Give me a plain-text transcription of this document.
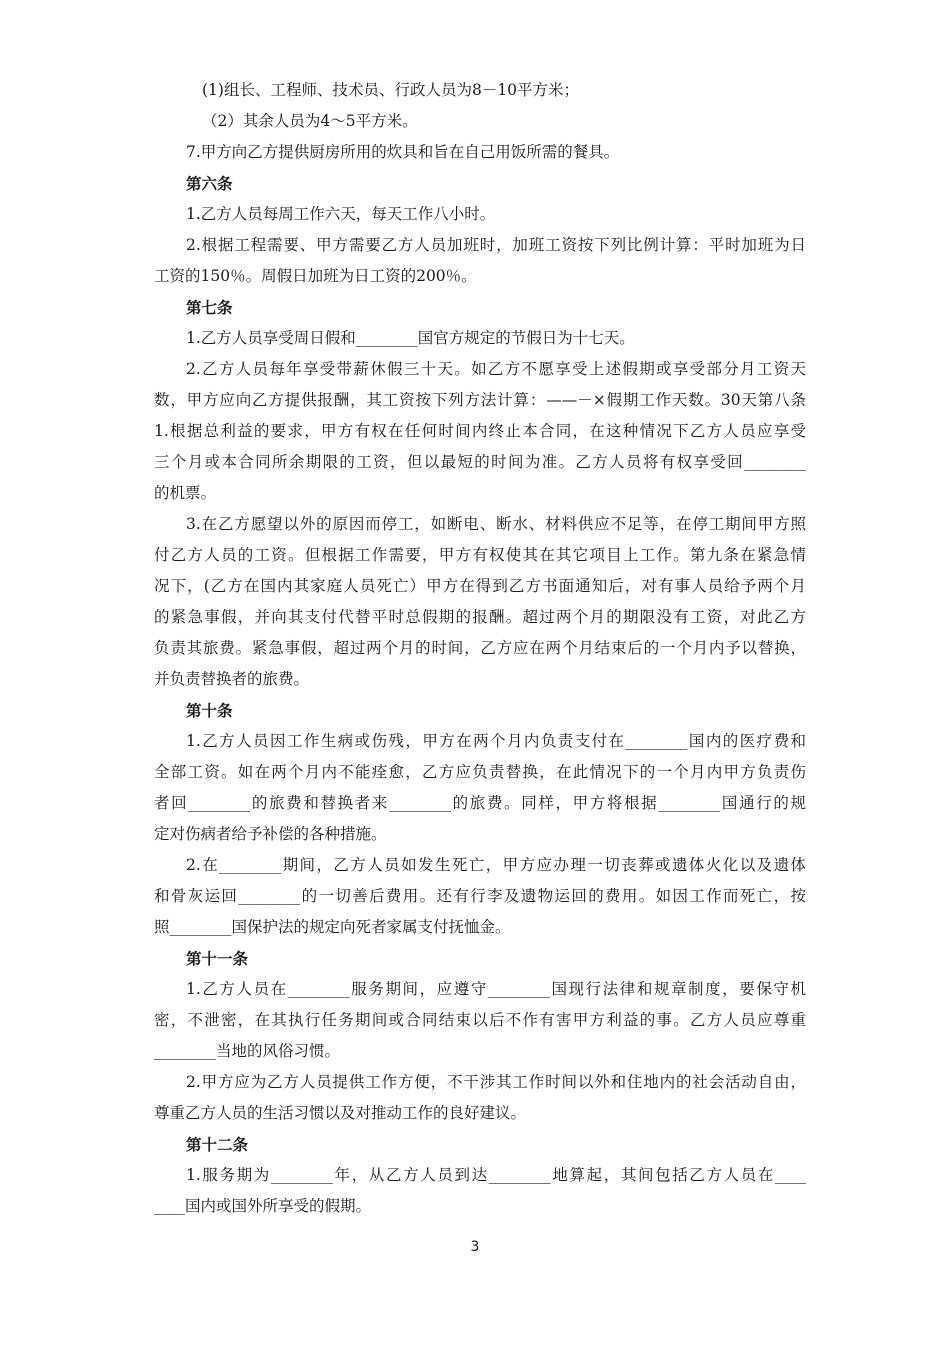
(1)组长、工程师、技术员、行政人员为8－10平方米；
（2）其余人员为4～5平方米。
7.甲方向乙方提供厨房所用的炊具和旨在自己用饭所需的餐具。
第六条
1.乙方人员每周工作六天，每天工作八小时。
2.根据工程需要、甲方需要乙方人员加班时，加班工资按下列比例计算：平时加班为日
工资的150％。周假日加班为日工资的200％。
第七条
1.乙方人员享受周日假和________国官方规定的节假日为十七天。
2.乙方人员每年享受带薪休假三十天。如乙方不愿享受上述假期或享受部分月工资天
数，甲方应向乙方提供报酬，其工资按下列方法计算：——－×假期工作天数。30天第八条
1.根据总利益的要求，甲方有权在任何时间内终止本合同，在这种情况下乙方人员应享受
三个月或本合同所余期限的工资，但以最短的时间为准。乙方人员将有权享受回________
的机票。
3.在乙方愿望以外的原因而停工，如断电、断水、材料供应不足等，在停工期间甲方照
付乙方人员的工资。但根据工作需要，甲方有权使其在其它项目上工作。第九条在紧急情
况下，(乙方在国内其家庭人员死亡）甲方在得到乙方书面通知后，对有事人员给予两个月
的紧急事假，并向其支付代替平时总假期的报酬。超过两个月的期限没有工资，对此乙方
负责其旅费。紧急事假，超过两个月的时间，乙方应在两个月结束后的一个月内予以替换，
并负责替换者的旅费。
第十条
1.乙方人员因工作生病或伤残，甲方在两个月内负责支付在________国内的医疗费和
全部工资。如在两个月内不能痊愈，乙方应负责替换，在此情况下的一个月内甲方负责伤
者回________的旅费和替换者来________的旅费。同样，甲方将根据________国通行的规
定对伤病者给予补偿的各种措施。
2.在________期间，乙方人员如发生死亡，甲方应办理一切丧葬或遗体火化以及遗体
和骨灰运回________的一切善后费用。还有行李及遗物运回的费用。如因工作而死亡，按
照________国保护法的规定向死者家属支付抚恤金。
第十一条
1.乙方人员在________服务期间，应遵守________国现行法律和规章制度，要保守机
密，不泄密，在其执行任务期间或合同结束以后不作有害甲方利益的事。乙方人员应尊重
________当地的风俗习惯。
2.甲方应为乙方人员提供工作方便，不干涉其工作时间以外和住地内的社会活动自由，
尊重乙方人员的生活习惯以及对推动工作的良好建议。
第十二条
1.服务期为________年，从乙方人员到达________地算起，其间包括乙方人员在____
____国内或国外所享受的假期。
3
